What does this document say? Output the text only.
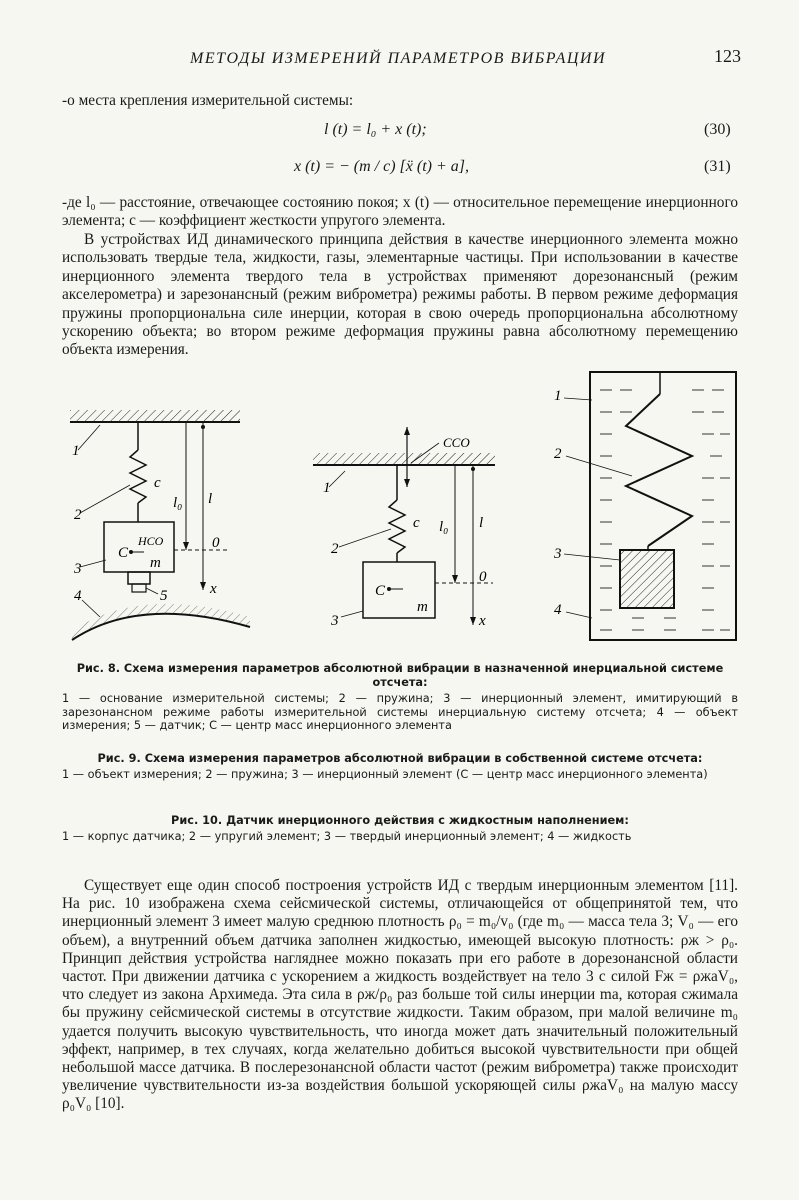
МЕТОДЫ ИЗМЕРЕНИЙ ПАРАМЕТРОВ ВИБРАЦИИ	123

-о места крепления измерительной системы:

l (t) = l₀ + x (t);	(30)
x (t) = − (m / c) [ẍ (t) + a],	(31)

-де l₀ — расстояние, отвечающее состоянию покоя; x (t) — относительное перемещение инерционного элемента; c — коэффициент жесткости упругого элемента.

В устройствах ИД динамического принципа действия в качестве инерционного элемента можно использовать твердые тела, жидкости, газы, элементарные частицы. При использовании в качестве инерционного элемента твердого тела в устройствах применяют дорезонансный (режим акселерометра) и зарезонансный (режим виброметра) режимы работы. В первом режиме деформация пружины пропорциональна силе инерции, которая в свою очередь пропорциональна абсолютному ускорению объекта; во втором режиме деформация пружины равна абсолютному перемещению объекта измерения.

1
2
3
4	5
c
l₀ l
НСО
C
m
0
x
ССО
1
2
3
c l₀ l
C
m
0
x
1
2
3
4

Рис. 8. Схема измерения параметров абсолютной вибрации в назначенной инерциальной системе отсчета:

1 — основание измерительной системы; 2 — пружина; 3 — инерционный элемент, имитирующий в зарезонансном режиме работы измерительной системы инерциальную систему отсчета; 4 — объект измерения; 5 — датчик; C — центр масс инерционного элемента

Рис. 9. Схема измерения параметров абсолютной вибрации в собственной системе отсчета:

1 — объект измерения; 2 — пружина; 3 — инерционный элемент (C — центр масс инерционного элемента)

Рис. 10. Датчик инерционного действия с жидкостным наполнением:

1 — корпус датчика; 2 — упругий элемент; 3 — твердый инерционный элемент; 4 — жидкость

Существует еще один способ построения устройств ИД с твердым инерционным элементом [11]. На рис. 10 изображена схема сейсмической системы, отличающейся от общепринятой тем, что инерционный элемент 3 имеет малую среднюю плотность ρ₀ = m₀/v₀ (где m₀ — масса тела 3; V₀ — его объем), а внутренний объем датчика заполнен жидкостью, имеющей высокую плотность: ρж > ρ₀. Принцип действия устройства нагляднее можно показать при его работе в дорезонансной области частот. При движении датчика с ускорением a жидкость воздействует на тело 3 с силой Fж = ρжaV₀, что следует из закона Архимеда. Эта сила в ρж/ρ₀ раз больше той силы инерции ma, которая сжимала бы пружину сейсмической системы в отсутствие жидкости. Таким образом, при малой величине m₀ удается получить высокую чувствительность, что иногда может дать значительный положительный эффект, например, в тех случаях, когда желательно добиться высокой чувствительности при общей небольшой массе датчика. В послерезонансной области частот (режим виброметра) также происходит увеличение чувствительности из-за воздействия большой ускоряющей силы ρжaV₀ на малую массу ρ₀V₀ [10].
